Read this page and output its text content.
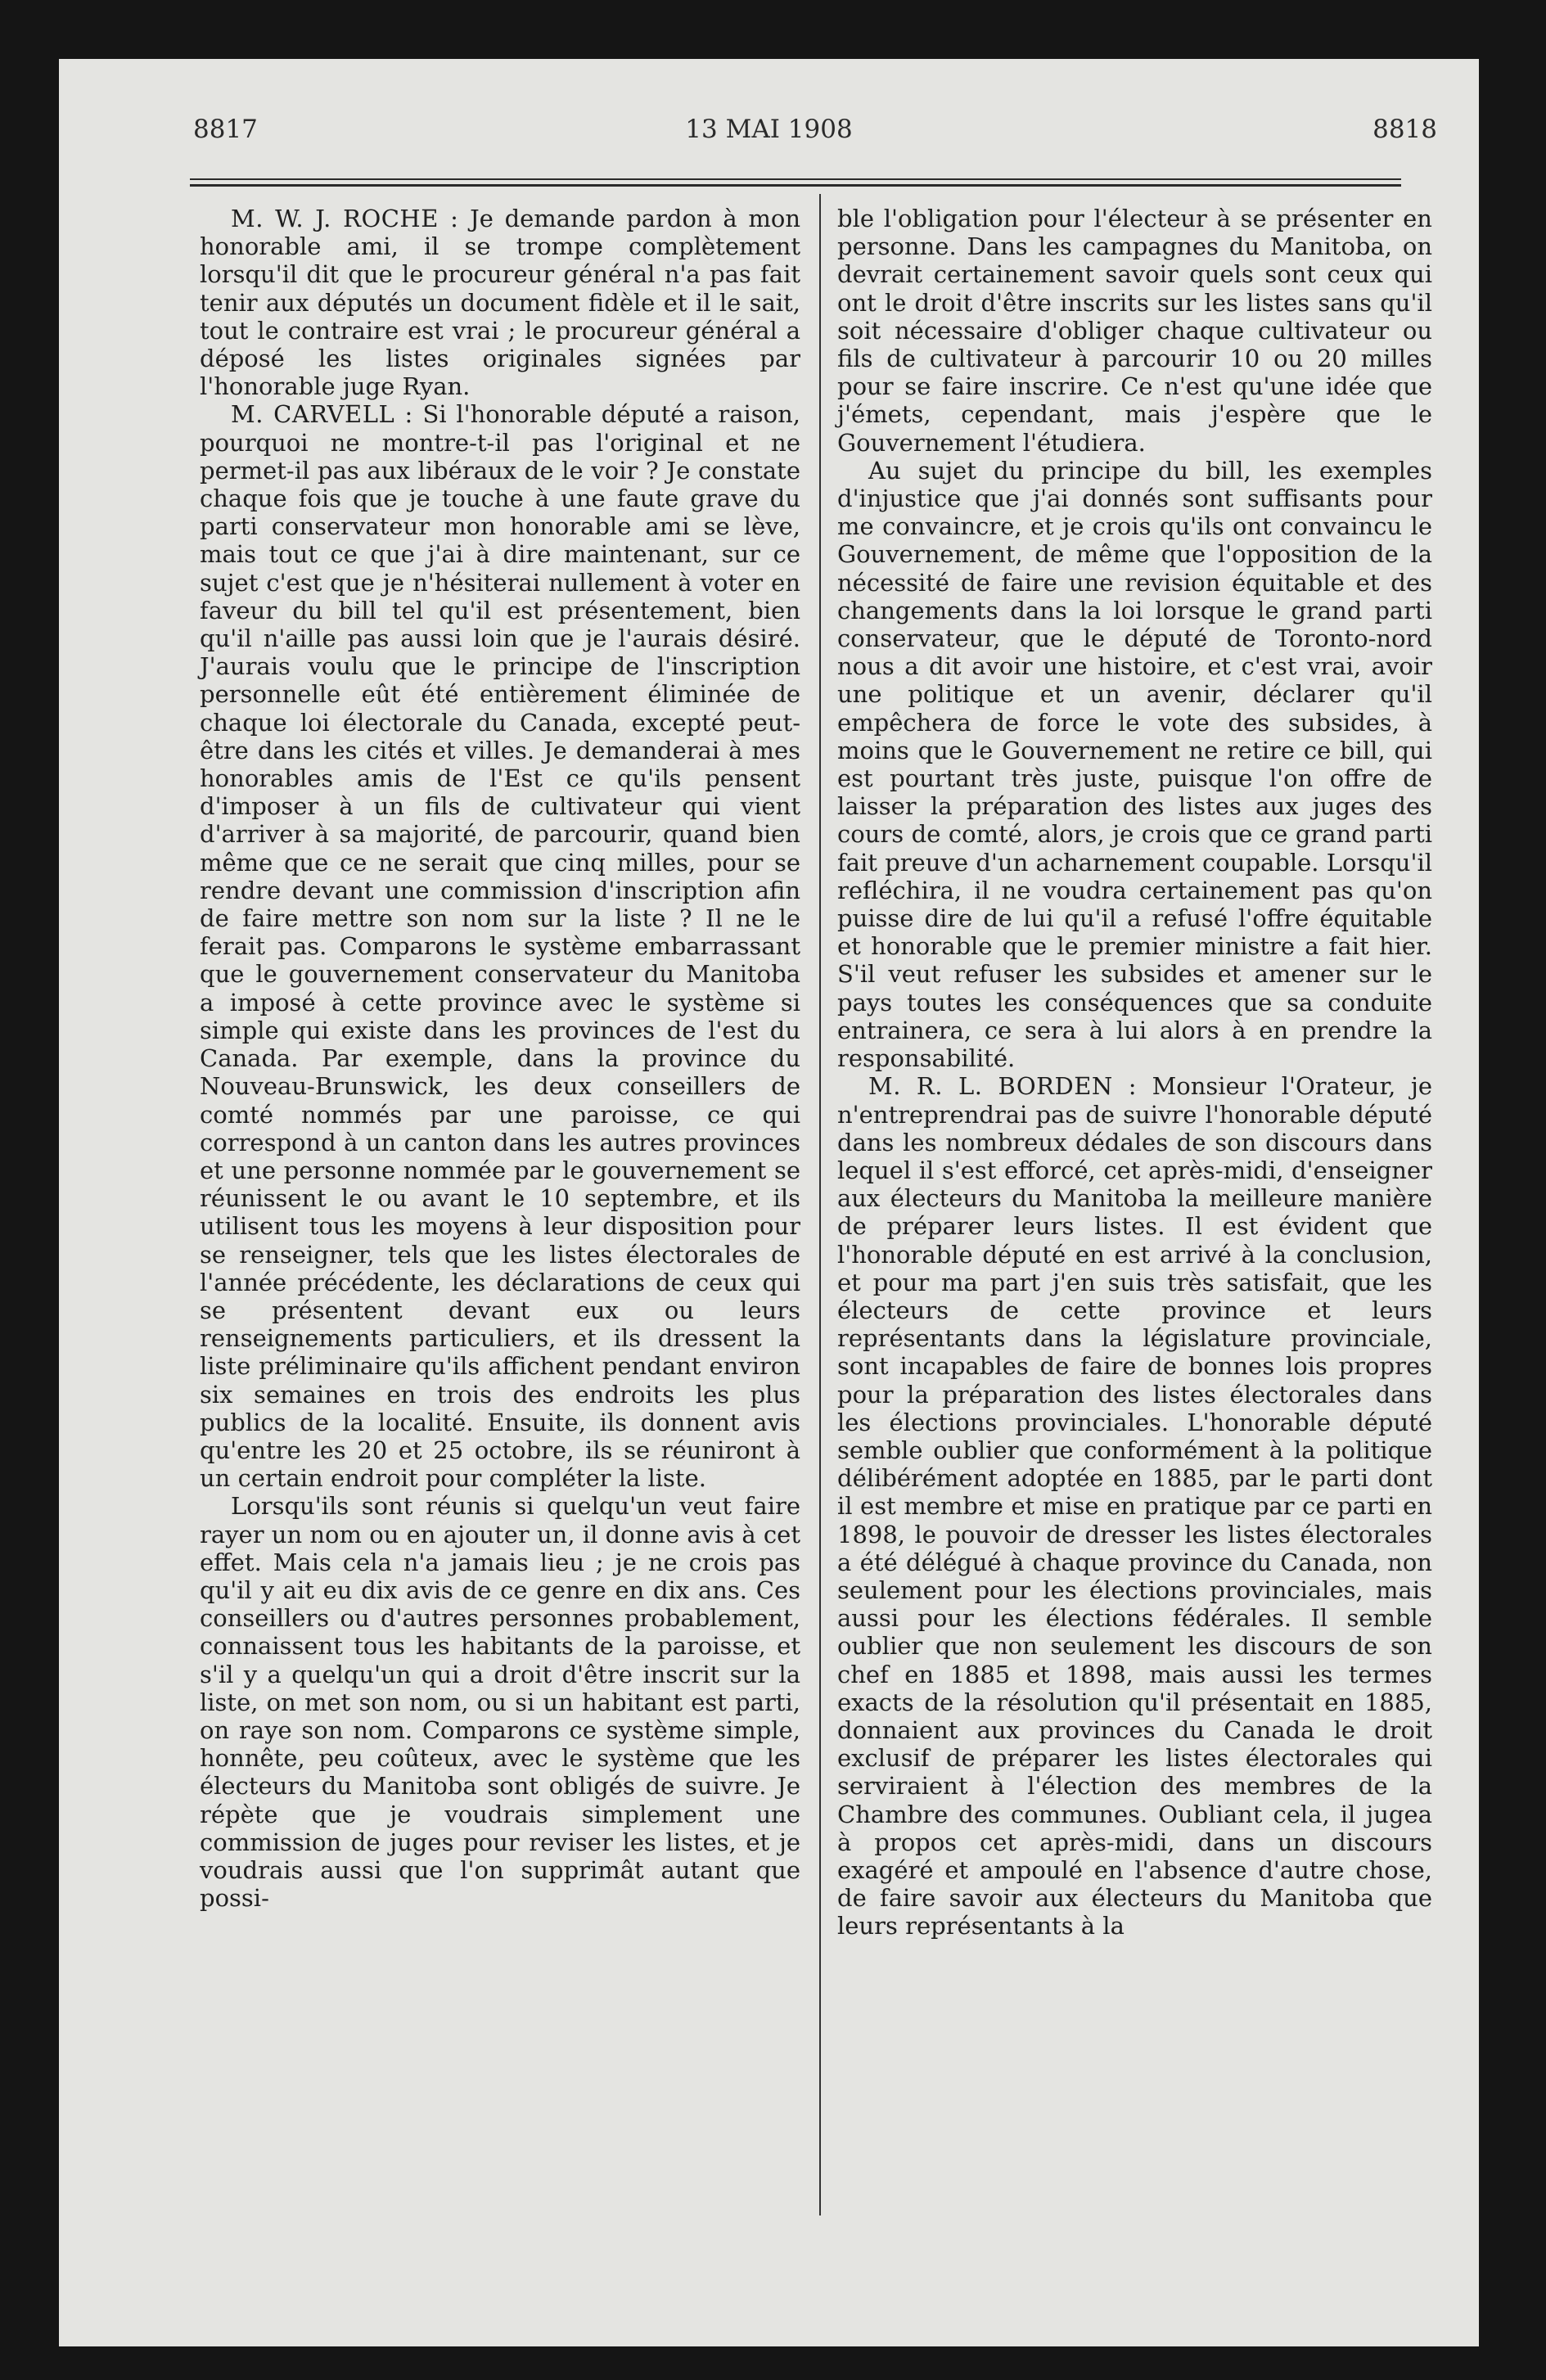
8817	13 MAI 1908	8818

M. W. J. ROCHE : Je demande pardon à mon honorable ami, il se trompe complètement lorsqu'il dit que le procureur général n'a pas fait tenir aux députés un document fidèle et il le sait, tout le contraire est vrai ; le procureur général a déposé les listes originales signées par l'honorable juge Ryan.

M. CARVELL : Si l'honorable député a raison, pourquoi ne montre-t-il pas l'original et ne permet-il pas aux libéraux de le voir ? Je constate chaque fois que je touche à une faute grave du parti conservateur mon honorable ami se lève, mais tout ce que j'ai à dire maintenant, sur ce sujet c'est que je n'hésiterai nullement à voter en faveur du bill tel qu'il est présentement, bien qu'il n'aille pas aussi loin que je l'aurais désiré. J'aurais voulu que le principe de l'inscription personnelle eût été entièrement éliminée de chaque loi électorale du Canada, excepté peut-être dans les cités et villes. Je demanderai à mes honorables amis de l'Est ce qu'ils pensent d'imposer à un fils de cultivateur qui vient d'arriver à sa majorité, de parcourir, quand bien même que ce ne serait que cinq milles, pour se rendre devant une commission d'inscription afin de faire mettre son nom sur la liste ? Il ne le ferait pas. Comparons le système embarrassant que le gouvernement conservateur du Manitoba a imposé à cette province avec le système si simple qui existe dans les provinces de l'est du Canada. Par exemple, dans la province du Nouveau-Brunswick, les deux conseillers de comté nommés par une paroisse, ce qui correspond à un canton dans les autres provinces et une personne nommée par le gouvernement se réunissent le ou avant le 10 septembre, et ils utilisent tous les moyens à leur disposition pour se renseigner, tels que les listes électorales de l'année précédente, les déclarations de ceux qui se présentent devant eux ou leurs renseignements particuliers, et ils dressent la liste préliminaire qu'ils affichent pendant environ six semaines en trois des endroits les plus publics de la localité. Ensuite, ils donnent avis qu'entre les 20 et 25 octobre, ils se réuniront à un certain endroit pour compléter la liste.

Lorsqu'ils sont réunis si quelqu'un veut faire rayer un nom ou en ajouter un, il donne avis à cet effet. Mais cela n'a jamais lieu ; je ne crois pas qu'il y ait eu dix avis de ce genre en dix ans. Ces conseillers ou d'autres personnes probablement, connaissent tous les habitants de la paroisse, et s'il y a quelqu'un qui a droit d'être inscrit sur la liste, on met son nom, ou si un habitant est parti, on raye son nom. Comparons ce système simple, honnête, peu coûteux, avec le système que les électeurs du Manitoba sont obligés de suivre. Je répète que je voudrais simplement une commission de juges pour reviser les listes, et je voudrais aussi que l'on supprimât autant que possi-

ble l'obligation pour l'électeur à se présenter en personne. Dans les campagnes du Manitoba, on devrait certainement savoir quels sont ceux qui ont le droit d'être inscrits sur les listes sans qu'il soit nécessaire d'obliger chaque cultivateur ou fils de cultivateur à parcourir 10 ou 20 milles pour se faire inscrire. Ce n'est qu'une idée que j'émets, cependant, mais j'espère que le Gouvernement l'étudiera.

Au sujet du principe du bill, les exemples d'injustice que j'ai donnés sont suffisants pour me convaincre, et je crois qu'ils ont convaincu le Gouvernement, de même que l'opposition de la nécessité de faire une revision équitable et des changements dans la loi lorsque le grand parti conservateur, que le député de Toronto-nord nous a dit avoir une histoire, et c'est vrai, avoir une politique et un avenir, déclarer qu'il empêchera de force le vote des subsides, à moins que le Gouvernement ne retire ce bill, qui est pourtant très juste, puisque l'on offre de laisser la préparation des listes aux juges des cours de comté, alors, je crois que ce grand parti fait preuve d'un acharnement coupable. Lorsqu'il refléchira, il ne voudra certainement pas qu'on puisse dire de lui qu'il a refusé l'offre équitable et honorable que le premier ministre a fait hier. S'il veut refuser les subsides et amener sur le pays toutes les conséquences que sa conduite entrainera, ce sera à lui alors à en prendre la responsabilité.

M. R. L. BORDEN : Monsieur l'Orateur, je n'entreprendrai pas de suivre l'honorable député dans les nombreux dédales de son discours dans lequel il s'est efforcé, cet après-midi, d'enseigner aux électeurs du Manitoba la meilleure manière de préparer leurs listes. Il est évident que l'honorable député en est arrivé à la conclusion, et pour ma part j'en suis très satisfait, que les électeurs de cette province et leurs représentants dans la législature provinciale, sont incapables de faire de bonnes lois propres pour la préparation des listes électorales dans les élections provinciales. L'honorable député semble oublier que conformément à la politique délibérément adoptée en 1885, par le parti dont il est membre et mise en pratique par ce parti en 1898, le pouvoir de dresser les listes électorales a été délégué à chaque province du Canada, non seulement pour les élections provinciales, mais aussi pour les élections fédérales. Il semble oublier que non seulement les discours de son chef en 1885 et 1898, mais aussi les termes exacts de la résolution qu'il présentait en 1885, donnaient aux provinces du Canada le droit exclusif de préparer les listes électorales qui serviraient à l'élection des membres de la Chambre des communes. Oubliant cela, il jugea à propos cet après-midi, dans un discours exagéré et ampoulé en l'absence d'autre chose, de faire savoir aux électeurs du Manitoba que leurs représentants à la
